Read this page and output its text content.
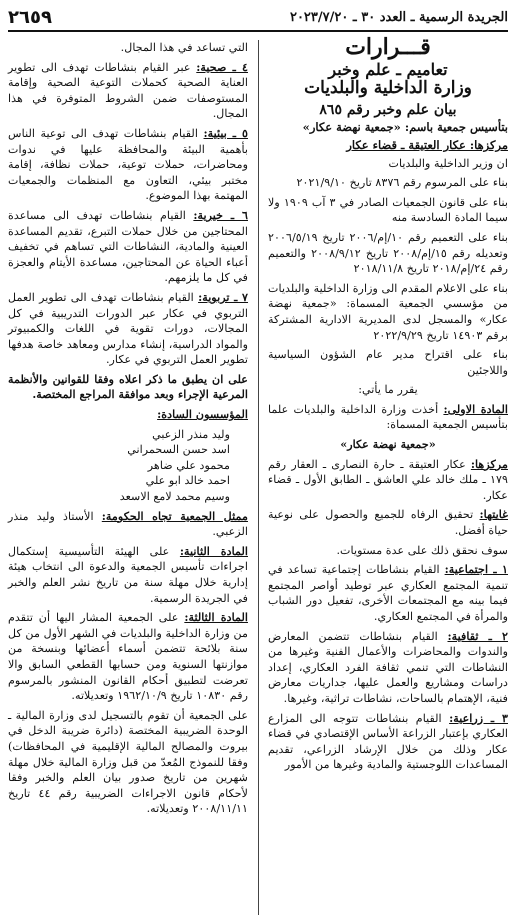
الجريدة الرسمية ـ العدد ٣٠ ـ ٢٠٢٣/٧/٢٠
٢٦٥٩
قـــرارات
تعاميم ـ علم وخبر
وزارة الداخلية والبلديات
بيان علم وخبر رقم ٨٦٥
بتأسيس جمعية باسم: «جمعية نهضة عكار»
مركزها: عكار العتيقة ـ قضاء عكار

ان وزير الداخلية والبلديات

بناء على المرسوم رقم ٨٣٧٦ تاريخ ٢٠٢١/٩/١٠

بناء على قانون الجمعيات الصادر في ٣ آب ١٩٠٩ ولا سيما المادة السادسة منه

بناء على التعميم رقم ١٠/إم/٢٠٠٦ تاريخ ٢٠٠٦/٥/١٩ وتعديله رقم ١٥/إم/٢٠٠٨ تاريخ ٢٠٠٨/٩/١٢ والتعميم رقم ٢٤/إم/٢٠١٨ تاريخ ٢٠١٨/١١/٨

بناء على الاعلام المقدم الى وزارة الداخلية والبلديات من مؤسسي الجمعية المسماة: «جمعية نهضة عكار» والمسجل لدى المديرية الادارية المشتركة برقم ١٤٩٠٣ تاريخ ٢٠٢٢/٩/٢٩

بناء على اقتراح مدير عام الشؤون السياسية واللاجئين

يقرر ما يأتي:

المادة الاولى: أخذت وزارة الداخلية والبلديات علما بتأسيس الجمعية المسماة:

«جمعية نهضة عكار»

مركزها: عكار العتيقة ـ حارة النصارى ـ العقار رقم ١٧٩ ـ ملك خالد علي العاشق ـ الطابق الأول ـ قضاء عكار.

غايتها: تحقيق الرفاه للجميع والحصول على نوعية حياة أفضل.

سوف نحقق ذلك على عدة مستويات.

١ ـ اجتماعية: القيام بنشاطات إجتماعية تساعد في تنمية المجتمع العكاري عبر توطيد أواصر المجتمع فيما بينه مع المجتمعات الأخرى، تفعيل دور الشباب والمرأة في المجتمع العكاري.

٢ ـ ثقافية: القيام بنشاطات تتضمن المعارض والندوات والمحاضرات والأعمال الفنية وغيرها من النشاطات التي تنمي ثقافة الفرد العكاري، إعداد دراسات ومشاريع والعمل عليها، جداريات معارض فنية، الإهتمام بالساحات، نشاطات تراثية، وغيرها.

٣ ـ زراعية: القيام بنشاطات تتوجه الى المزارع العكاري بإعتبار الزراعة الأساس الإقتصادي في قضاء عكار وذلك من خلال الإرشاد الزراعي، تقديم المساعدات اللوجستية والمادية وغيرها من الأمور

التي تساعد في هذا المجال.

٤ ـ صحية: عبر القيام بنشاطات تهدف الى تطوير العناية الصحية كحملات التوعية الصحية وإقامة المستوصفات ضمن الشروط المتوفرة في هذا المجال.

٥ ـ بيئية: القيام بنشاطات تهدف الى توعية الناس بأهمية البيئة والمحافظة عليها في ندوات ومحاضرات، حملات توعية، حملات نظافة، إقامة مختبر بيئي، التعاون مع المنظمات والجمعيات المهتمة بهذا الموضوع.

٦ ـ خيرية: القيام بنشاطات تهدف الى مساعدة المحتاجين من خلال حملات التبرع، تقديم المساعدة العينية والمادية، النشاطات التي تساهم في تخفيف أعباء الحياة عن المحتاجين، مساعدة الأيتام والعجزة في كل ما يلزمهم.

٧ ـ تربوية: القيام بنشاطات تهدف الى تطوير العمل التربوي في عكار عبر الدورات التدريبية في كل المجالات، دورات تقوية في اللغات والكمبيوتر والمواد الدراسية، إنشاء مدارس ومعاهد خاصة هدفها تطوير العمل التربوي في عكار.

على ان يطبق ما ذكر اعلاه وفقا للقوانين والأنظمة المرعية الإجراء وبعد موافقة المراجع المختصة.

المؤسسون السادة:

وليد منذر الزعبي
اسد حسن السحمراني
محمود علي ضاهر
احمد خالد ابو علي
وسيم محمد لامع الاسعد

ممثل الجمعية تجاه الحكومة: الأستاذ وليد منذر الزعبي.

المادة الثانية: على الهيئة التأسيسية إستكمال اجراءات تأسيس الجمعية والدعوة الى انتخاب هيئة إدارية خلال مهلة سنة من تاريخ نشر العلم والخبر في الجريدة الرسمية.

المادة الثالثة: على الجمعية المشار اليها أن تتقدم من وزارة الداخلية والبلديات في الشهر الأول من كل سنة بلائحة تتضمن أسماء أعضائها وبنسخة من موازنتها السنوية ومن حسابها القطعي السابق والا تعرضت لتطبيق أحكام القانون المنشور بالمرسوم رقم ١٠٨٣٠ تاريخ ١٩٦٢/١٠/٩ وتعديلاته.

على الجمعية أن تقوم بالتسجيل لدى وزارة المالية ـ الوحدة الضريبية المختصة (دائرة ضريبة الدخل في بيروت والمصالح المالية الإقليمية في المحافظات) وفقا للنموذج المُعدّ من قبل وزارة المالية خلال مهلة شهرين من تاريخ صدور بيان العلم والخبر وفقا لأحكام قانون الاجراءات الضريبية رقم ٤٤ تاريخ ٢٠٠٨/١١/١١ وتعديلاته.
